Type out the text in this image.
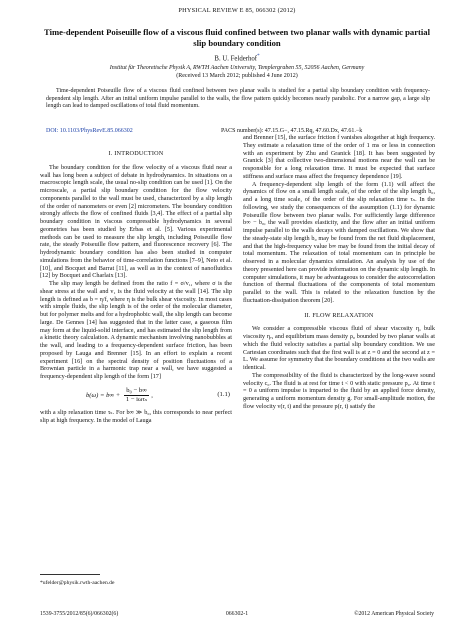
PHYSICAL REVIEW E 85, 066302 (2012)
Time-dependent Poiseuille flow of a viscous fluid confined between two planar walls with dynamic partial slip boundary condition
B. U. Felderhof*
Institut für Theoretische Physik A, RWTH Aachen University, Templergraben 55, 52056 Aachen, Germany
(Received 13 March 2012; published 4 June 2012)
Time-dependent Poiseuille flow of a viscous fluid confined between two planar walls is studied for a partial slip boundary condition with frequency-dependent slip length. After an initial uniform impulse parallel to the walls, the flow pattern quickly becomes nearly parabolic. For a narrow gap, a large slip length can lead to damped oscillations of total fluid momentum.
DOI: 10.1103/PhysRevE.85.066302	PACS number(s): 47.15.G−, 47.15.Rq, 47.60.Dx, 47.61.−k
I. INTRODUCTION

The boundary condition for the flow velocity of a viscous fluid near a wall has long been a subject of debate in hydrodynamics. In situations on a macroscopic length scale, the usual no-slip condition can be used [1]. On the microscale, a partial slip boundary condition for the flow velocity components parallel to the wall must be used, characterized by a slip length of the order of nanometers or even [2] micrometers. The boundary condition strongly affects the flow of confined fluids [3,4]. The effect of a partial slip boundary condition in viscous compressible hydrodynamics in several geometries has been studied by Erbas et al. [5]. Various experimental methods can be used to measure the slip length, including Poiseuille flow rate, the steady Poiseuille flow pattern, and fluorescence recovery [6]. The hydrodynamic boundary condition has also been studied in computer simulations from the behavior of time-correlation functions [7–9], Neto et al. [10], and Bocquet and Barrat [11], as well as in the context of nanofluidics [12] by Bocquet and Charlaix [13].

The slip may length be defined from the ratio f = σ/v₁, where σ is the shear stress at the wall and v₁ is the fluid velocity at the wall [14]. The slip length is defined as b = η/f, where η is the bulk shear viscosity. In most cases with simple fluids, the slip length is of the order of the molecular diameter, but for polymer melts and for a hydrophobic wall, the slip length can become large. De Gennes [14] has suggested that in the latter case, a gaseous film may form at the liquid-solid interface, and has estimated the slip length from a kinetic theory calculation. A dynamic mechanism involving nanobubbles at the wall, and leading to a frequency-dependent surface friction, has been proposed by Lauga and Brenner [15]. In an effort to explain a recent experiment [16] on the spectral density of position fluctuations of a Brownian particle in a harmonic trap near a wall, we have suggested a frequency-dependent slip length of the form [17]

$b(\omega) = b\infty + \frac{\text{b₀ − b∞}}{\text{1 − iωτₛ}}$ ,	(1.1)

with a slip relaxation time τₛ. For b∞ ≫ b₀, this corresponds to near perfect slip at high frequency. In the model of Lauga

and Brenner [15], the surface friction f vanishes altogether at high frequency. They estimate a relaxation time of the order of 1 ms or less in connection with an experiment by Zhu and Granick [18]. It has been suggested by Granick [3] that collective two-dimensional motions near the wall can be responsible for a long relaxation time. It must be expected that surface stiffness and surface mass affect the frequency dependence [19].

A frequency-dependent slip length of the form (1.1) will affect the dynamics of flow on a small length scale, of the order of the slip length b₀, and a long time scale, of the order of the slip relaxation time τₛ. In the following, we study the consequences of the assumption (1.1) for dynamic Poiseuille flow between two planar walls. For sufficiently large difference b∞ − b₀, the wall provides elasticity, and the flow after an initial uniform impulse parallel to the walls decays with damped oscillations. We show that the steady-state slip length b₀ may be found from the net fluid displacement, and that the high-frequency value b∞ may be found from the initial decay of total momentum. The relaxation of total momentum can in principle be observed in a molecular dynamics simulation. An analysis by use of the theory presented here can provide information on the dynamic slip length. In computer simulations, it may be advantageous to consider the autocorrelation function of thermal fluctuations of the components of total momentum parallel to the wall. This is related to the relaxation function by the fluctuation-dissipation theorem [20].

II. FLOW RELAXATION

We consider a compressible viscous fluid of shear viscosity η, bulk viscosity ηᵥ, and equilibrium mass density ρ₀ bounded by two planar walls at which the fluid velocity satisfies a partial slip boundary condition. We use Cartesian coordinates such that the first wall is at z = 0 and the second at z = L. We assume for symmetry that the boundary conditions at the two walls are identical.

The compressibility of the fluid is characterized by the long-wave sound velocity c₀. The fluid is at rest for time t < 0 with static pressure p₀. At time t = 0 a uniform impulse is imparted to the fluid by an applied force density, generating a uniform momentum density g. For small-amplitude motion, the flow velocity v(r, t) and the pressure p(r, t) satisfy the

*ufelder@physik.rwth-aachen.de
1539-3755/2012/85(6)/066302(6)	066302-1	©2012 American Physical Society
